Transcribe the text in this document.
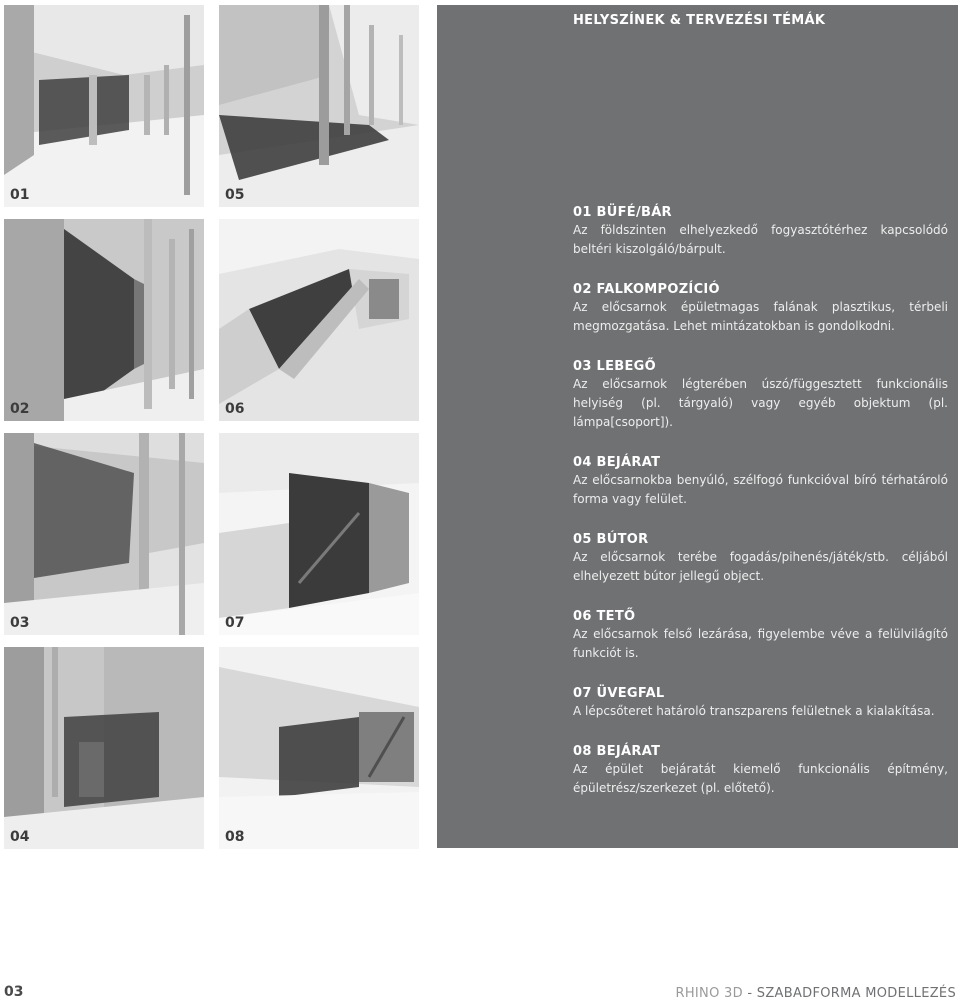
01	05
02	06
03	07
04	08
HELYSZÍNEK & TERVEZÉSI TÉMÁK
01 BÜFÉ/BÁR
Az földszinten elhelyezkedő fogyasztótérhez kapcsolódó beltéri kiszolgáló/bárpult.
02 FALKOMPOZÍCIÓ
Az előcsarnok épületmagas falának plasztikus, térbeli megmozgatása. Lehet mintázatokban is gondolkodni.
03 LEBEGŐ
Az előcsarnok légterében úszó/függesztett funkcionális helyiség (pl. tárgyaló) vagy egyéb objektum (pl. lámpa[csoport]).
04 BEJÁRAT
Az előcsarnokba benyúló, szélfogó funkcióval bíró térhatároló forma vagy felület.
05 BÚTOR
Az előcsarnok terébe fogadás/pihenés/játék/stb. céljából elhelyezett bútor jellegű object.
06 TETŐ
Az előcsarnok felső lezárása, figyelembe véve a felülvilágító funkciót is.
07 ÜVEGFAL
A lépcsőteret határoló transzparens felületnek a kialakítása.
08 BEJÁRAT
Az épület bejáratát kiemelő funkcionális építmény, épületrész/szerkezet (pl. előtető).
03	RHINO 3D - SZABADFORMA MODELLEZÉS
